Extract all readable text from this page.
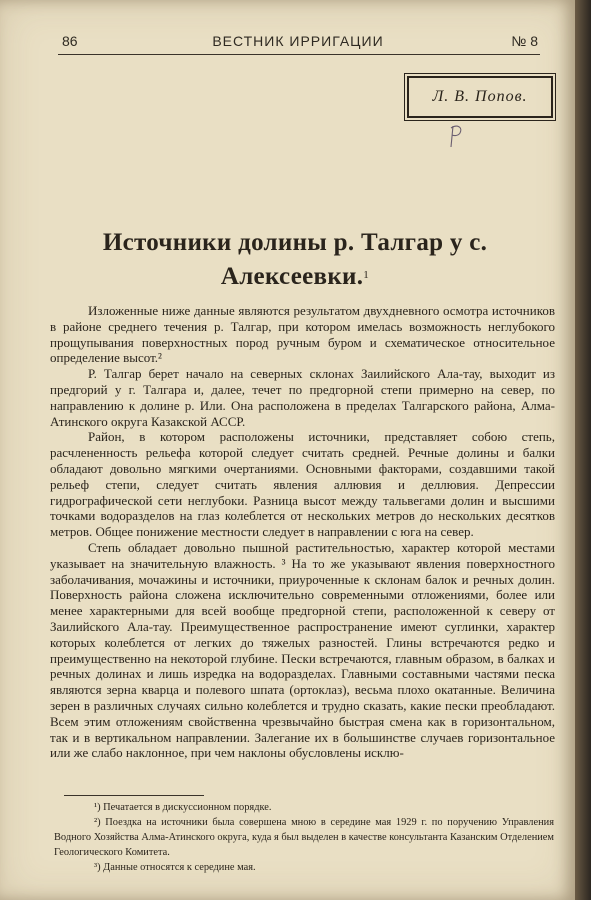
86	ВЕСТНИК ИРРИГАЦИИ	№ 8
Л. В. Попов.
Источники долины р. Талгар у с. Алексеевки.$^1$

Изложенные ниже данные являются результатом двухдневного осмотра источников в районе среднего течения р. Талгар, при котором имелась возможность неглубокого прощупывания поверхностных пород ручным буром и схематическое относительное определение высот.²

Р. Талгар берет начало на северных склонах Заилийского Ала-тау, выходит из предгорий у г. Талгара и, далее, течет по предгорной степи примерно на север, по направлению к долине р. Или. Она расположена в пределах Талгарского района, Алма-Атинского округа Казакской АССР.

Район, в котором расположены источники, представляет собою степь, расчлененность рельефа которой следует считать средней. Речные долины и балки обладают довольно мягкими очертаниями. Основными факторами, создавшими такой рельеф степи, следует считать явления аллювия и деллювия. Депрессии гидрографической сети неглубоки. Разница высот между тальвегами долин и высшими точками водоразделов на глаз колеблется от нескольких метров до нескольких десятков метров. Общее понижение местности следует в направлении с юга на север.

Степь обладает довольно пышной растительностью, характер которой местами указывает на значительную влажность. ³ На то же указывают явления поверхностного заболачивания, мочажины и источники, приуроченные к склонам балок и речных долин. Поверхность района сложена исключительно современными отложениями, более или менее характерными для всей вообще предгорной степи, расположенной к северу от Заилийского Ала-тау. Преимущественное распространение имеют суглинки, характер которых колеблется от легких до тяжелых разностей. Глины встречаются редко и преимущественно на некоторой глубине. Пески встречаются, главным образом, в балках и речных долинах и лишь изредка на водоразделах. Главными составными частями песка являются зерна кварца и полевого шпата (ортоклаз), весьма плохо окатанные. Величина зерен в различных случаях сильно колеблется и трудно сказать, какие пески преобладают. Всем этим отложениям свойственна чрезвычайно быстрая смена как в горизонтальном, так и в вертикальном направлении. Залегание их в большинстве случаев горизонтальное или же слабо наклонное, при чем наклоны обусловлены исклю-

¹) Печатается в дискуссионном порядке.

²) Поездка на источники была совершена мною в середине мая 1929 г. по поручению Управления Водного Хозяйства Алма-Атинского округа, куда я был выделен в качестве консультанта Казанским Отделением Геологического Комитета.

³) Данные относятся к середине мая.
